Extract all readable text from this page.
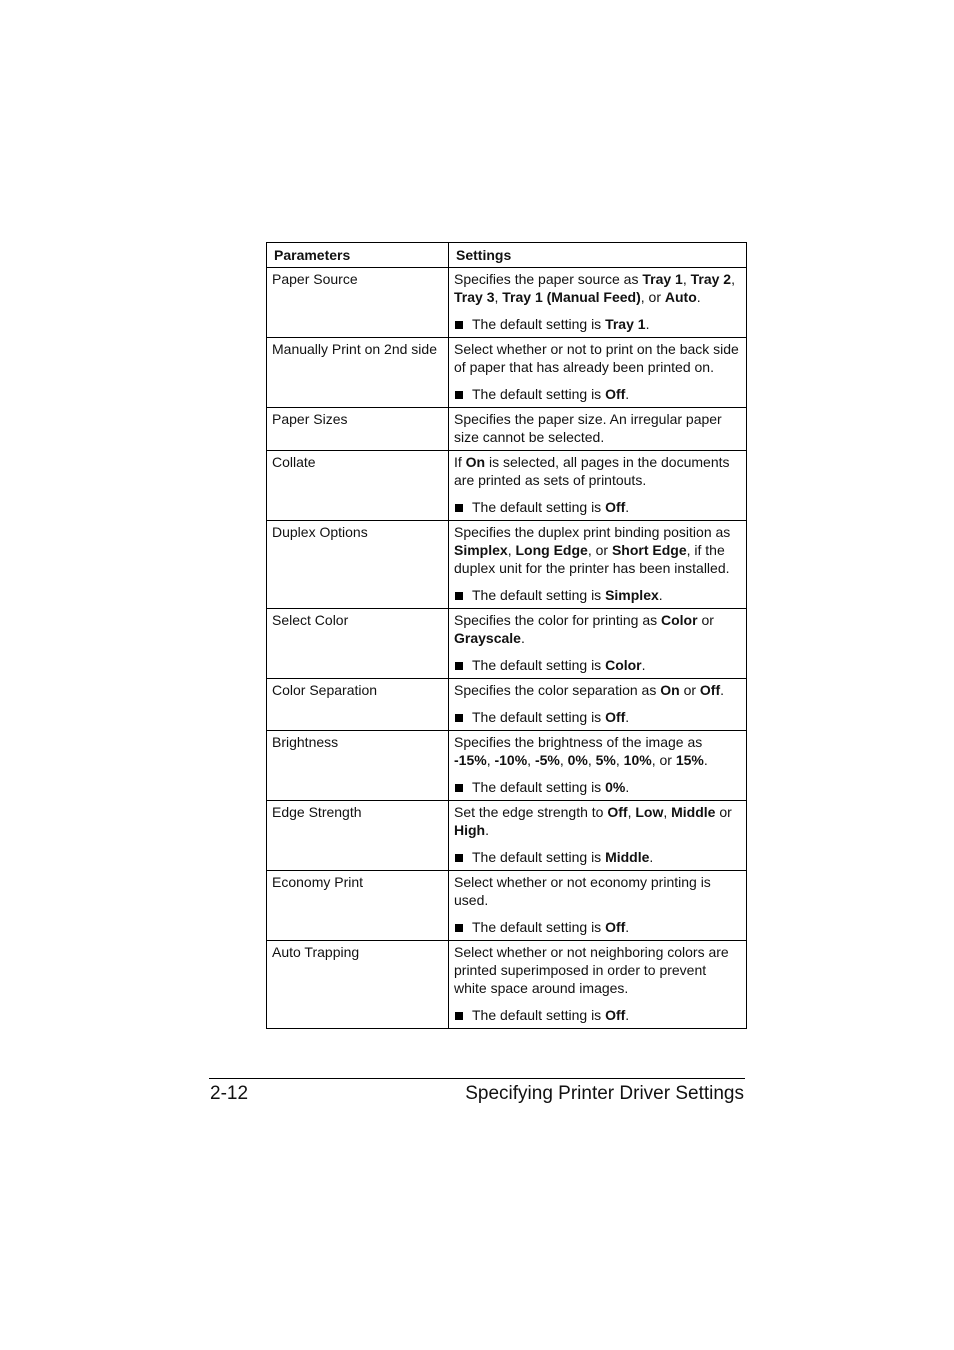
Parameters	Settings
Paper Source	Specifies the paper source as Tray 1, Tray 2, Tray 3, Tray 1 (Manual Feed), or Auto.

The default setting is Tray 1.

Manually Print on 2nd side	Select whether or not to print on the back side of paper that has already been printed on.

The default setting is Off.

Paper Sizes	Specifies the paper size. An irregular paper size cannot be selected.

Collate	If On is selected, all pages in the documents are printed as sets of printouts.

The default setting is Off.

Duplex Options	Specifies the duplex print binding position as Simplex, Long Edge, or Short Edge, if the duplex unit for the printer has been installed.

The default setting is Simplex.

Select Color	Specifies the color for printing as Color or Grayscale.

The default setting is Color.

Color Separation	Specifies the color separation as On or Off.

The default setting is Off.

Brightness	Specifies the brightness of the image as -15%, -10%, -5%, 0%, 5%, 10%, or 15%.

The default setting is 0%.

Edge Strength	Set the edge strength to Off, Low, Middle or High.

The default setting is Middle.

Economy Print	Select whether or not economy printing is used.

The default setting is Off.

Auto Trapping	Select whether or not neighboring colors are printed superimposed in order to prevent white space around images.

The default setting is Off.

2-12	Specifying Printer Driver Settings
